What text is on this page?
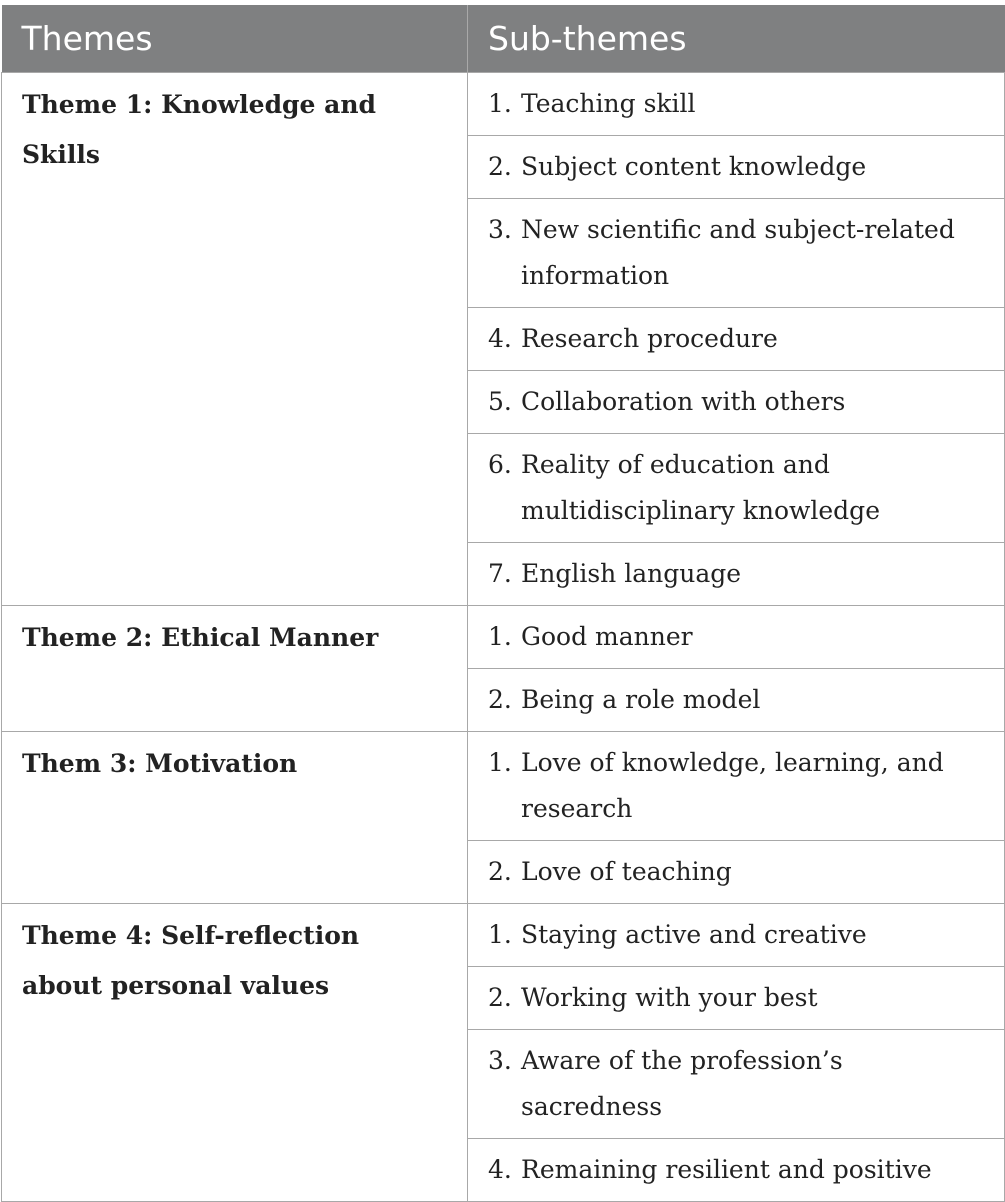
Themes	Sub-themes
Theme 1: Knowledge and Skills	1. Teaching skill

	2. Subject content knowledge

	3. New scientific and subject-related information

	4. Research procedure

	5. Collaboration with others

	6. Reality of education and multidisciplinary knowledge

	7. English language

Theme 2: Ethical Manner	1. Good manner

	2. Being a role model

Them 3: Motivation	1. Love of knowledge, learning, and research

	2. Love of teaching

Theme 4: Self-reflection about personal values	1. Staying active and creative

	2. Working with your best

	3. Aware of the profession’s sacredness

	4. Remaining resilient and positive
